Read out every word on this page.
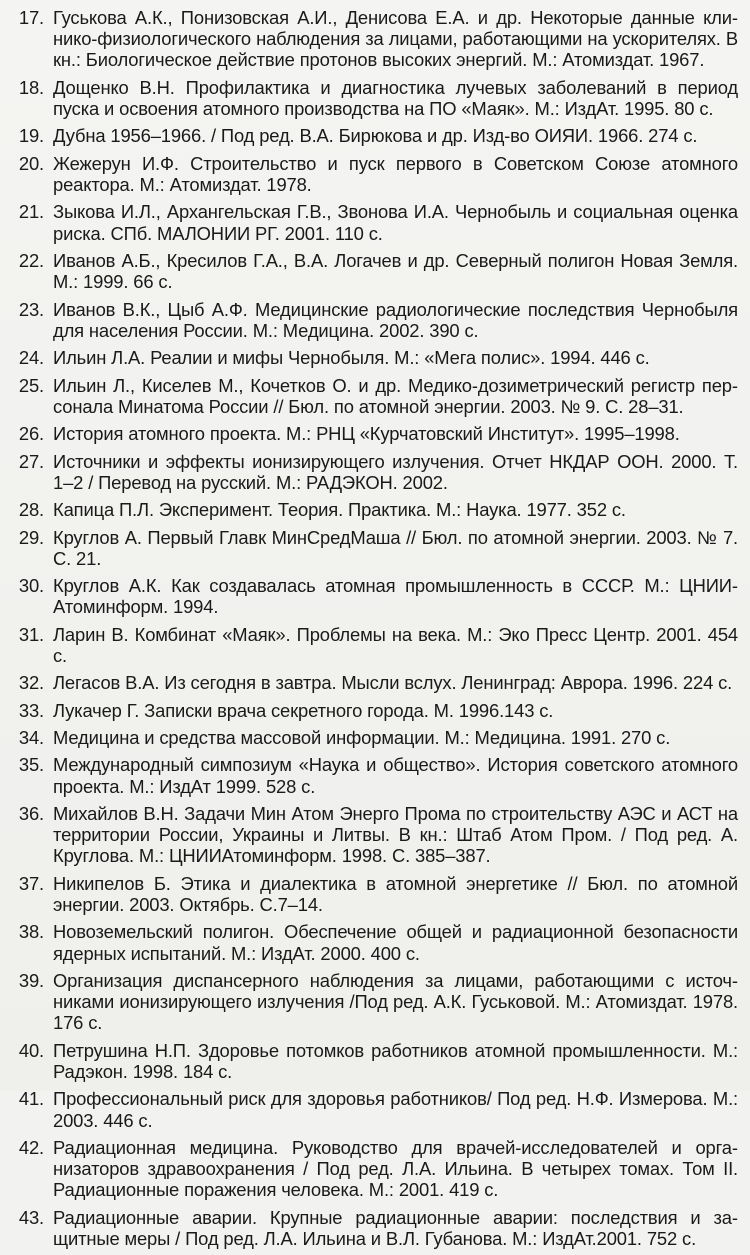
17. Гуськова А.К., Понизовская А.И., Денисова Е.А. и др. Некоторые данные клинико-физиологического наблюдения за лицами, работающими на ускорителях. В кн.: Биологическое действие протонов высоких энергий. М.: Атомиздат. 1967.
18. Дощенко В.Н. Профилактика и диагностика лучевых заболеваний в период пуска и освоения атомного производства на ПО «Маяк». М.: ИздАт. 1995. 80 с.
19. Дубна 1956–1966. / Под ред. В.А. Бирюкова и др. Изд-во ОИЯИ. 1966. 274 с.
20. Жежерун И.Ф. Строительство и пуск первого в Советском Союзе атомного реактора. М.: Атомиздат. 1978.
21. Зыкова И.Л., Архангельская Г.В., Звонова И.А. Чернобыль и социальная оценка риска. СПб. МАЛОНИИ РГ. 2001. 110 с.
22. Иванов А.Б., Кресилов Г.А., В.А. Логачев и др. Северный полигон Новая Земля. М.: 1999. 66 с.
23. Иванов В.К., Цыб А.Ф. Медицинские радиологические последствия Чернобыля для населения России. М.: Медицина. 2002. 390 с.
24. Ильин Л.А. Реалии и мифы Чернобыля. М.: «Мега полис». 1994. 446 с.
25. Ильин Л., Киселев М., Кочетков О. и др. Медико-дозиметрический регистр персонала Минатома России // Бюл. по атомной энергии. 2003. № 9. С. 28–31.
26. История атомного проекта. М.: РНЦ «Курчатовский Институт». 1995–1998.
27. Источники и эффекты ионизирующего излучения. Отчет НКДАР ООН. 2000. Т. 1–2 / Перевод на русский. М.: РАДЭКОН. 2002.
28. Капица П.Л. Эксперимент. Теория. Практика. М.: Наука. 1977. 352 с.
29. Круглов А. Первый Главк МинСредМаша // Бюл. по атомной энергии. 2003. № 7. С. 21.
30. Круглов А.К. Как создавалась атомная промышленность в СССР. М.: ЦНИИАтоминформ. 1994.
31. Ларин В. Комбинат «Маяк». Проблемы на века. М.: Эко Пресс Центр. 2001. 454 с.
32. Легасов В.А. Из сегодня в завтра. Мысли вслух. Ленинград: Аврора. 1996. 224 с.
33. Лукачер Г. Записки врача секретного города. М. 1996.143 с.
34. Медицина и средства массовой информации. М.: Медицина. 1991. 270 с.
35. Международный симпозиум «Наука и общество». История советского атомного проекта. М.: ИздАт 1999. 528 с.
36. Михайлов В.Н. Задачи Мин Атом Энерго Прома по строительству АЭС и АСТ на территории России, Украины и Литвы. В кн.: Штаб Атом Пром. / Под ред. А. Круглова. М.: ЦНИИАтоминформ. 1998. С. 385–387.
37. Никипелов Б. Этика и диалектика в атомной энергетике // Бюл. по атомной энергии. 2003. Октябрь. С.7–14.
38. Новоземельский полигон. Обеспечение общей и радиационной безопасности ядерных испытаний. М.: ИздАт. 2000. 400 с.
39. Организация диспансерного наблюдения за лицами, работающими с источниками ионизирующего излучения /Под ред. А.К. Гуськовой. М.: Атомиздат. 1978. 176 с.
40. Петрушина Н.П. Здоровье потомков работников атомной промышленности. М.: Радэкон. 1998. 184 с.
41. Профессиональный риск для здоровья работников/ Под ред. Н.Ф. Измерова. М.: 2003. 446 с.
42. Радиационная медицина. Руководство для врачей-исследователей и организаторов здравоохранения / Под ред. Л.А. Ильина. В четырех томах. Том II. Радиационные поражения человека. М.: 2001. 419 с.
43. Радиационные аварии. Крупные радиационные аварии: последствия и защитные меры / Под ред. Л.А. Ильина и В.Л. Губанова. М.: ИздАт.2001. 752 с.
